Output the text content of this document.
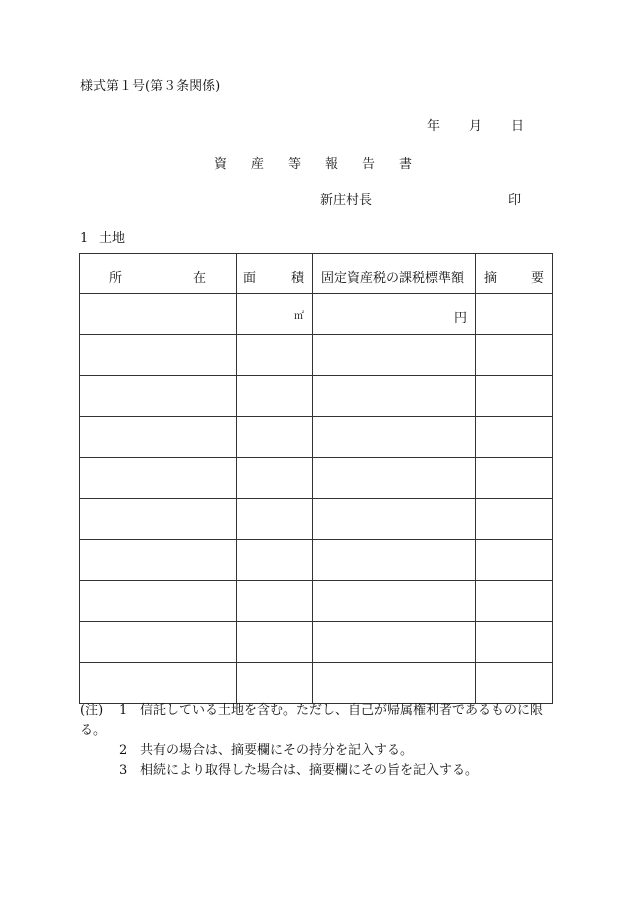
様式第１号(第３条関係)
年 月 日
資 産 等 報 告 書
新庄村長	印
1 土地
所 在	面 積	固定資産税の課税標準額	摘 要

	㎡	円	

(注) 1 信託している土地を含む。ただし、自己が帰属権利者であるものに限
る。
2 共有の場合は、摘要欄にその持分を記入する。
3 相続により取得した場合は、摘要欄にその旨を記入する。
